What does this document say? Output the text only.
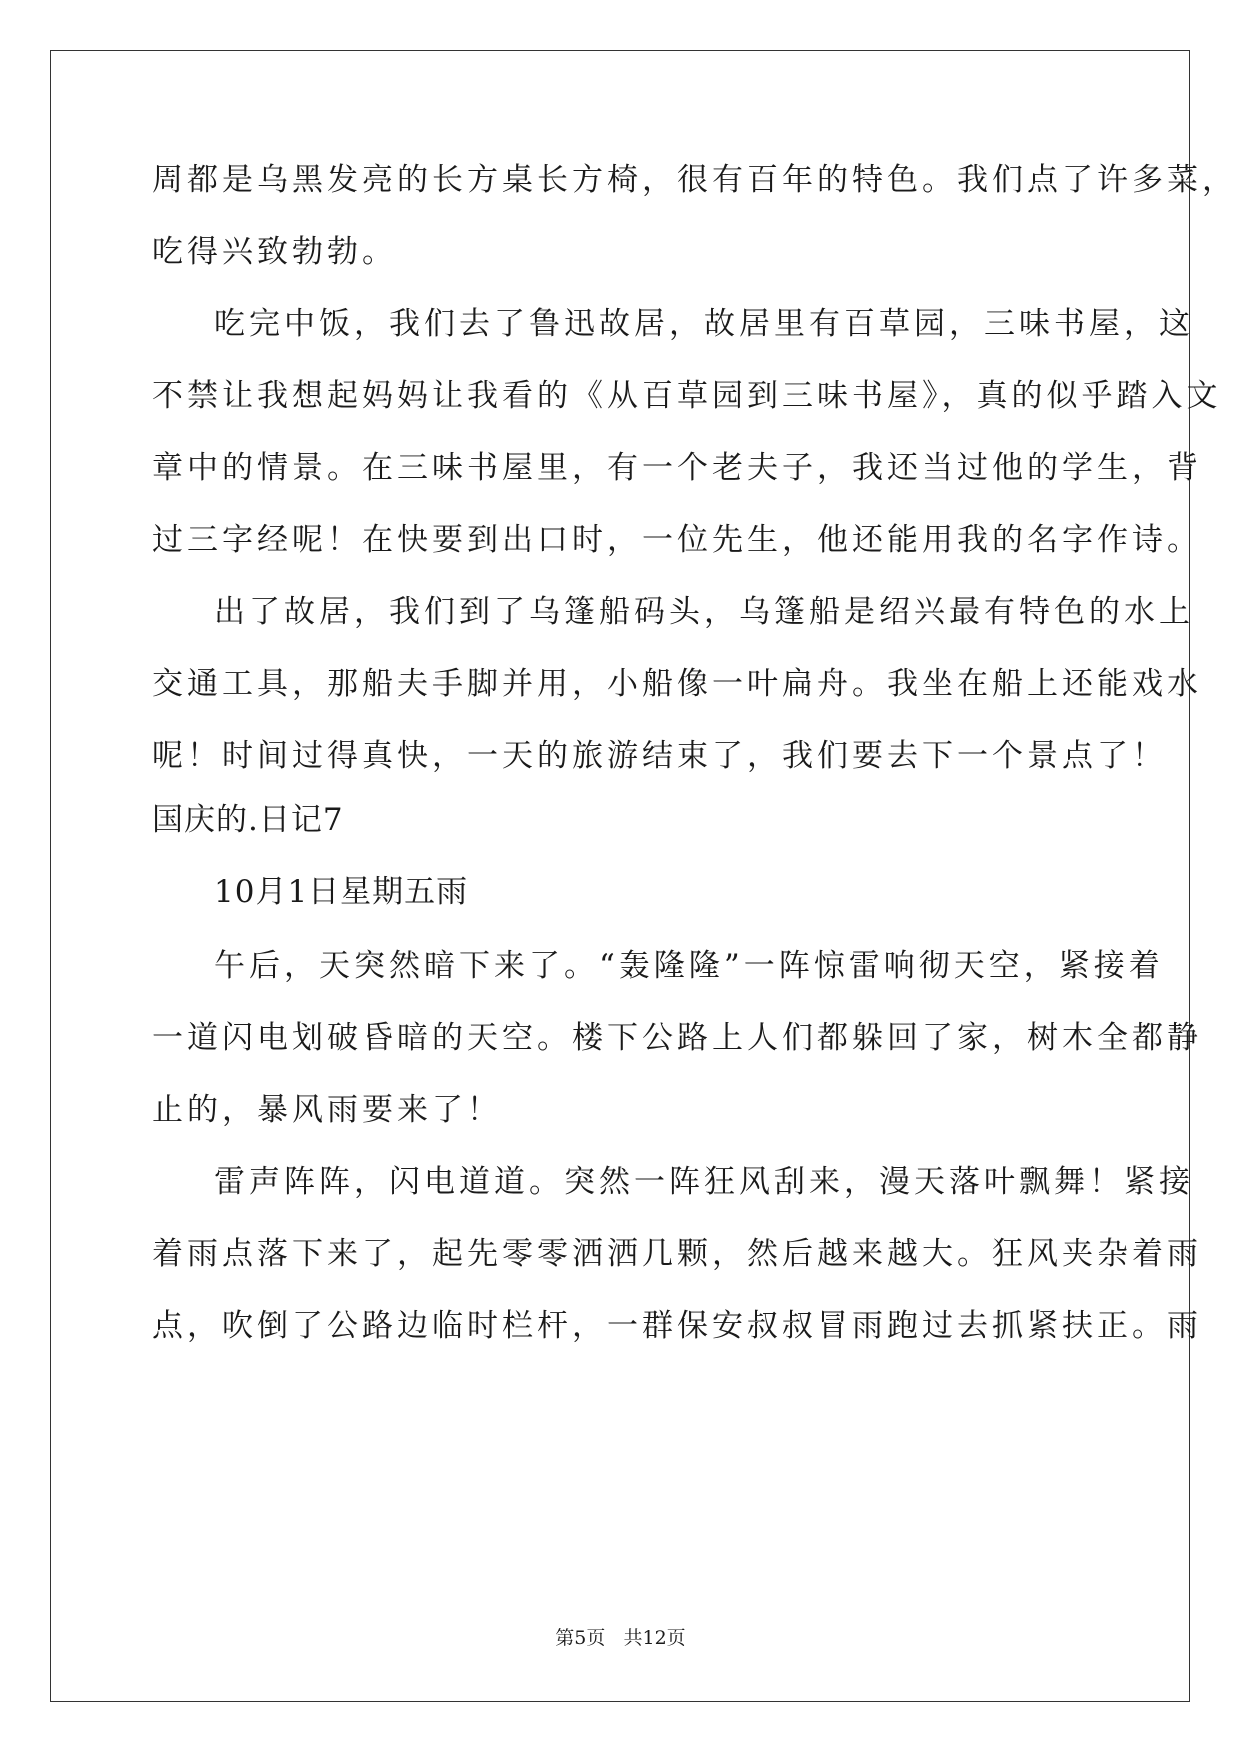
周都是乌黑发亮的长方桌长方椅，很有百年的特色。我们点了许多菜，
吃得兴致勃勃。
吃完中饭，我们去了鲁迅故居，故居里有百草园，三味书屋，这
不禁让我想起妈妈让我看的《从百草园到三味书屋》，真的似乎踏入文
章中的情景。在三味书屋里，有一个老夫子，我还当过他的学生，背
过三字经呢！在快要到出口时，一位先生，他还能用我的名字作诗。
出了故居，我们到了乌篷船码头，乌篷船是绍兴最有特色的水上
交通工具，那船夫手脚并用，小船像一叶扁舟。我坐在船上还能戏水
呢！时间过得真快，一天的旅游结束了，我们要去下一个景点了！
国庆的.日记7
10月1日星期五雨
午后，天突然暗下来了。“轰隆隆”一阵惊雷响彻天空，紧接着
一道闪电划破昏暗的天空。楼下公路上人们都躲回了家，树木全都静
止的，暴风雨要来了！
雷声阵阵，闪电道道。突然一阵狂风刮来，漫天落叶飘舞！紧接
着雨点落下来了，起先零零洒洒几颗，然后越来越大。狂风夹杂着雨
点，吹倒了公路边临时栏杆，一群保安叔叔冒雨跑过去抓紧扶正。雨
第5页   共12页
